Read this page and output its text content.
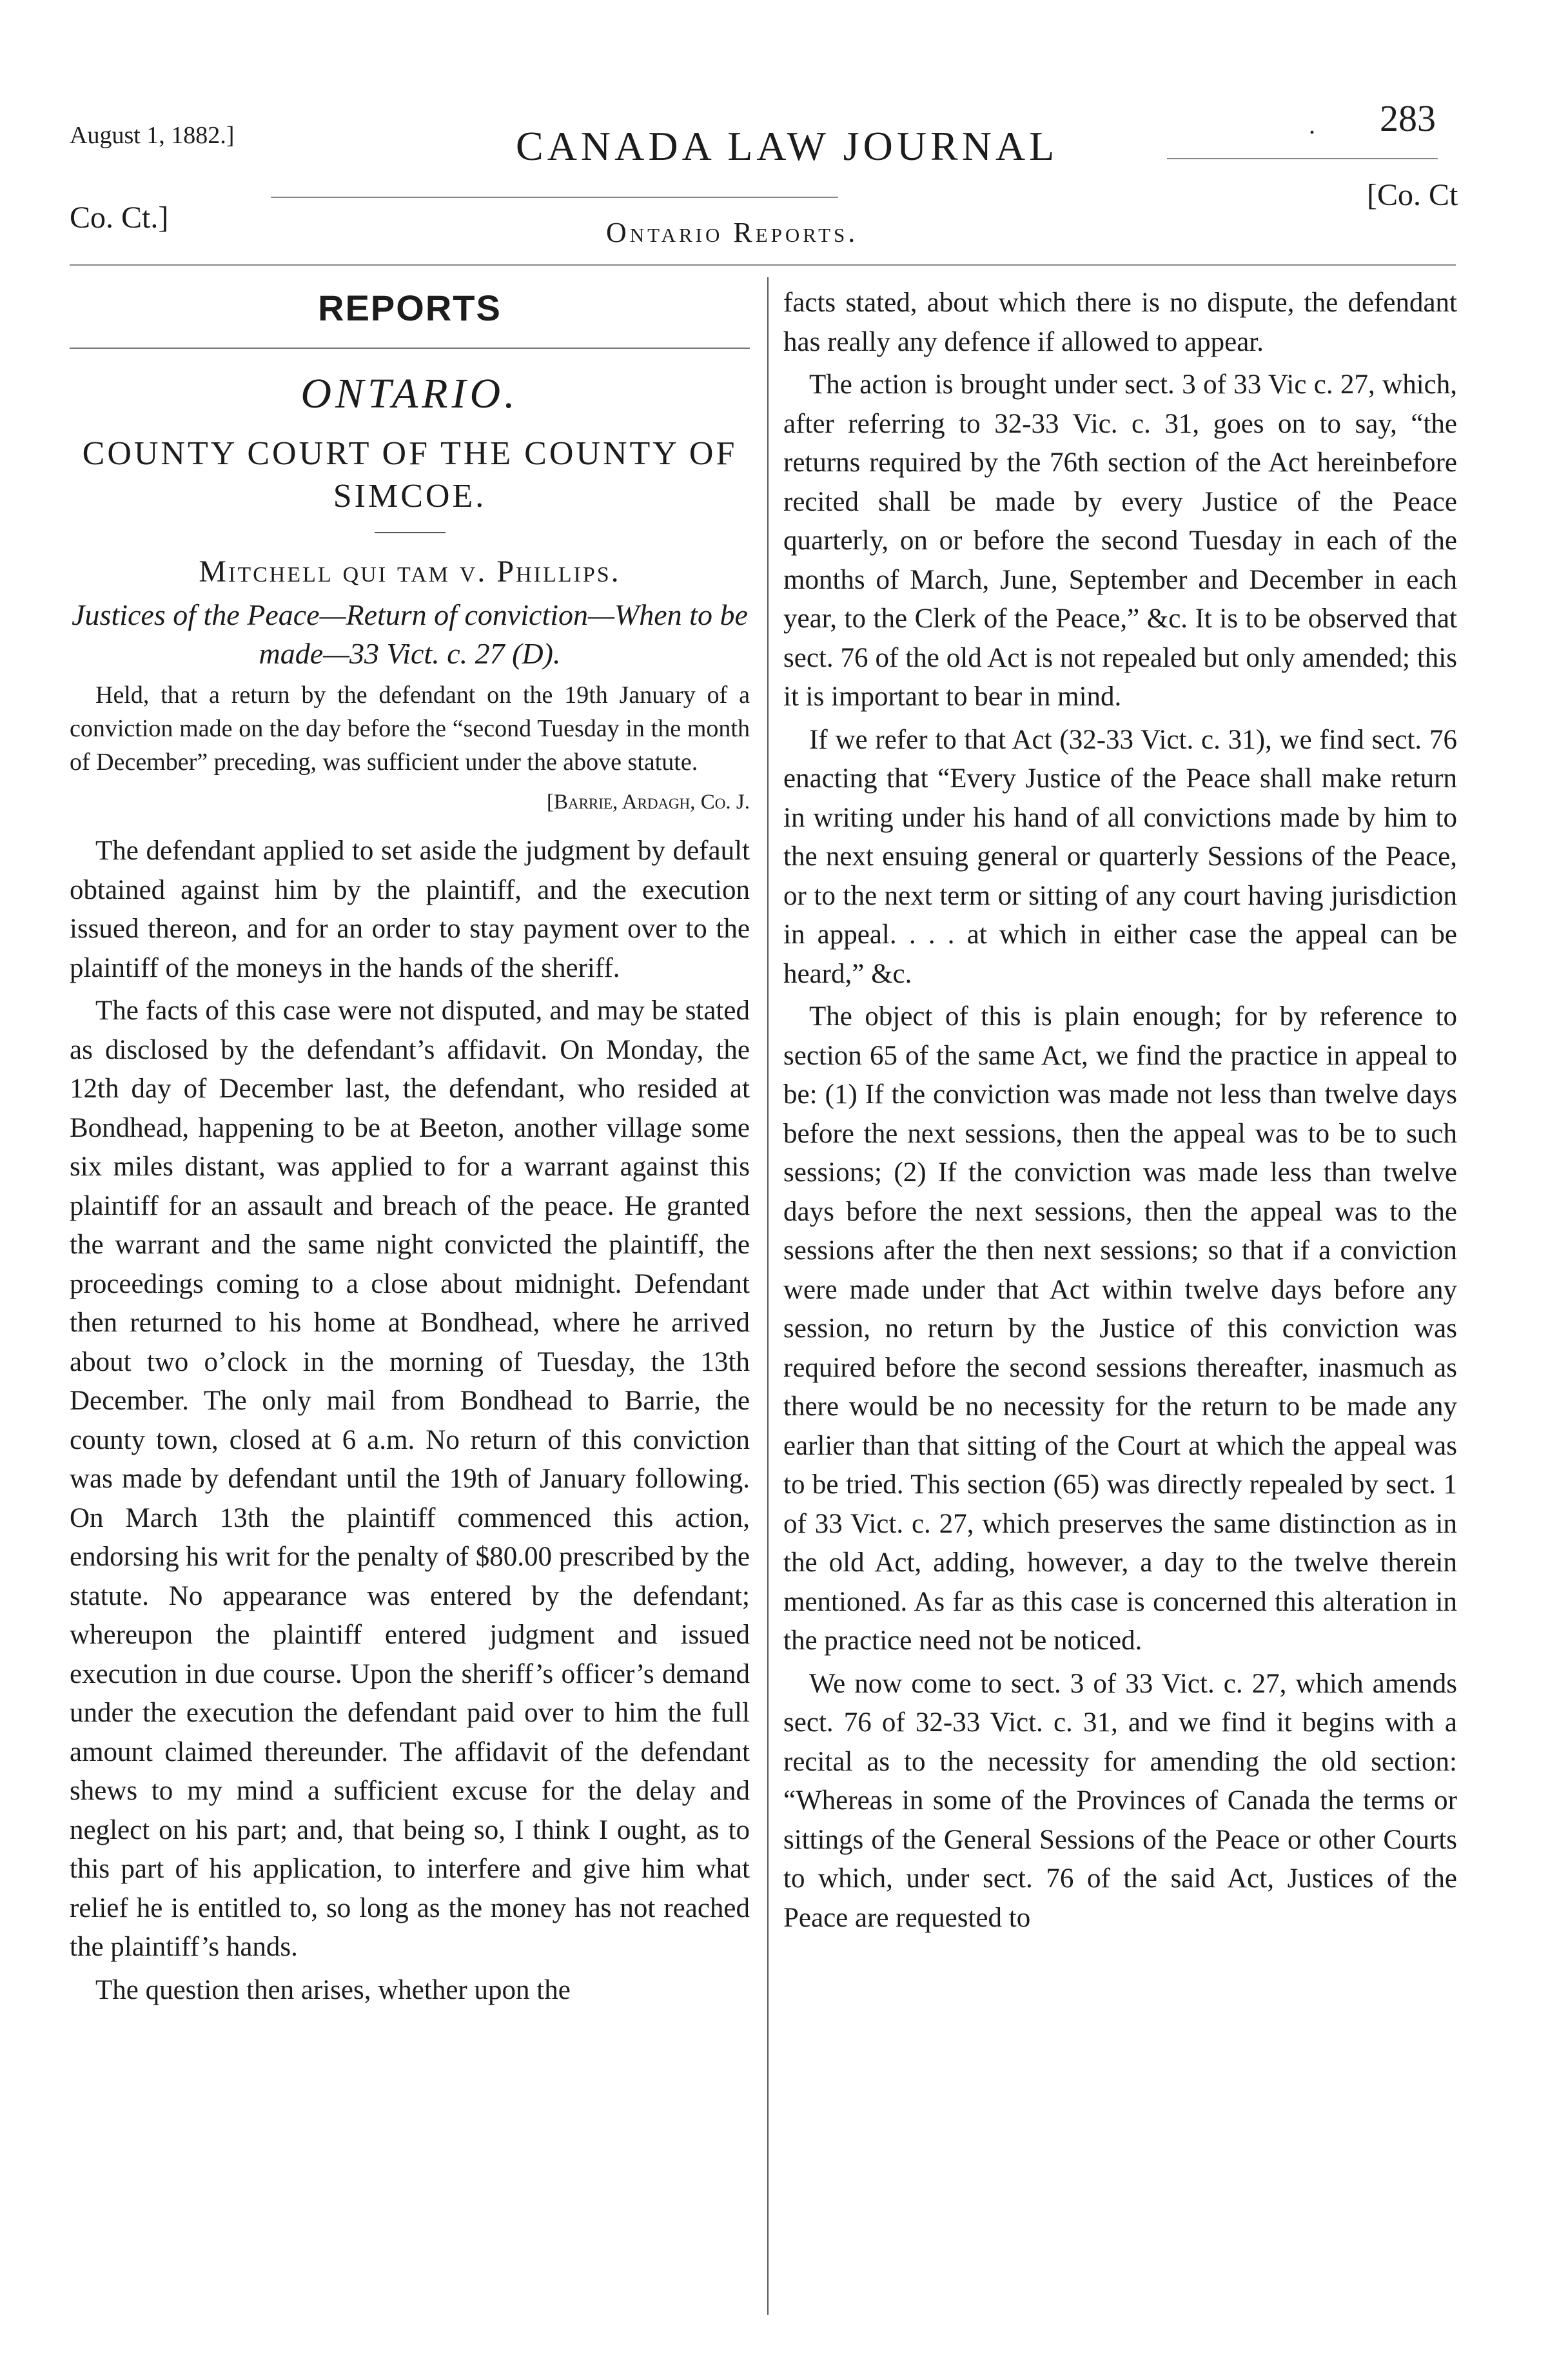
August 1, 1882.]	CANADA LAW JOURNAL	. 283
Co. Ct.]	Ontario Reports.
[Co. Ct
REPORTS
ONTARIO.
COUNTY COURT OF THE COUNTY OF SIMCOE.
Mitchell qui tam v. Phillips.
Justices of the Peace—Return of conviction—When to be made—33 Vict. c. 27 (D).

Held, that a return by the defendant on the 19th January of a conviction made on the day before the “second Tuesday in the month of December” preceding, was sufficient under the above statute.

[Barrie, Ardagh, Co. J.

The defendant applied to set aside the judgment by default obtained against him by the plaintiff, and the execution issued thereon, and for an order to stay payment over to the plaintiff of the moneys in the hands of the sheriff.

The facts of this case were not disputed, and may be stated as disclosed by the defendant’s affidavit. On Monday, the 12th day of December last, the defendant, who resided at Bondhead, happening to be at Beeton, another village some six miles distant, was applied to for a warrant against this plaintiff for an assault and breach of the peace. He granted the warrant and the same night convicted the plaintiff, the proceedings coming to a close about midnight. Defendant then returned to his home at Bondhead, where he arrived about two o’clock in the morning of Tuesday, the 13th December. The only mail from Bondhead to Barrie, the county town, closed at 6 a.m. No return of this conviction was made by defendant until the 19th of January following. On March 13th the plaintiff commenced this action, endorsing his writ for the penalty of $80.00 prescribed by the statute. No appearance was entered by the defendant; whereupon the plaintiff entered judgment and issued execution in due course. Upon the sheriff’s officer’s demand under the execution the defendant paid over to him the full amount claimed thereunder. The affidavit of the defendant shews to my mind a sufficient excuse for the delay and neglect on his part; and, that being so, I think I ought, as to this part of his application, to interfere and give him what relief he is entitled to, so long as the money has not reached the plaintiff’s hands.

The question then arises, whether upon the

facts stated, about which there is no dispute, the defendant has really any defence if allowed to appear.

The action is brought under sect. 3 of 33 Vic c. 27, which, after referring to 32-33 Vic. c. 31, goes on to say, “the returns required by the 76th section of the Act hereinbefore recited shall be made by every Justice of the Peace quarterly, on or before the second Tuesday in each of the months of March, June, September and December in each year, to the Clerk of the Peace,” &c. It is to be observed that sect. 76 of the old Act is not repealed but only amended; this it is important to bear in mind.

If we refer to that Act (32-33 Vict. c. 31), we find sect. 76 enacting that “Every Justice of the Peace shall make return in writing under his hand of all convictions made by him to the next ensuing general or quarterly Sessions of the Peace, or to the next term or sitting of any court having jurisdiction in appeal. . . . at which in either case the appeal can be heard,” &c.

The object of this is plain enough; for by reference to section 65 of the same Act, we find the practice in appeal to be: (1) If the conviction was made not less than twelve days before the next sessions, then the appeal was to be to such sessions; (2) If the conviction was made less than twelve days before the next sessions, then the appeal was to the sessions after the then next sessions; so that if a conviction were made under that Act within twelve days before any session, no return by the Justice of this conviction was required before the second sessions thereafter, inasmuch as there would be no necessity for the return to be made any earlier than that sitting of the Court at which the appeal was to be tried. This section (65) was directly repealed by sect. 1 of 33 Vict. c. 27, which preserves the same distinction as in the old Act, adding, however, a day to the twelve therein mentioned. As far as this case is concerned this alteration in the practice need not be noticed.

We now come to sect. 3 of 33 Vict. c. 27, which amends sect. 76 of 32-33 Vict. c. 31, and we find it begins with a recital as to the necessity for amending the old section: “Whereas in some of the Provinces of Canada the terms or sittings of the General Sessions of the Peace or other Courts to which, under sect. 76 of the said Act, Justices of the Peace are requested to
